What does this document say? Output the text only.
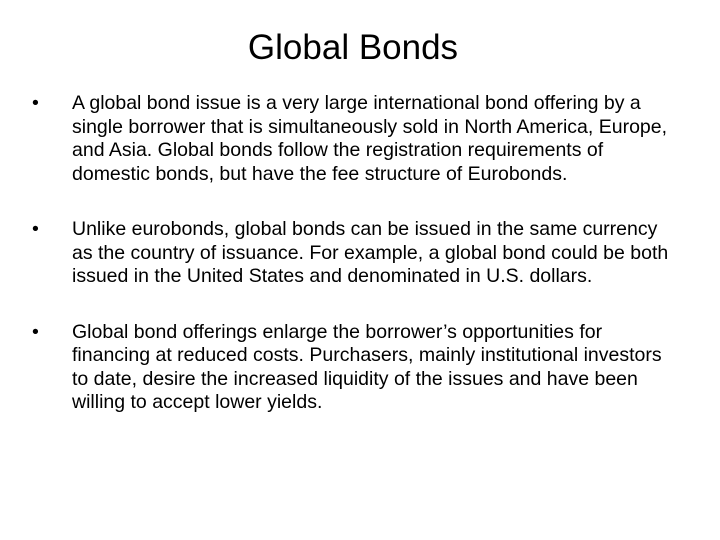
Global Bonds
•	A global bond issue is a very large international bond offering by a single borrower that is simultaneously sold in North America, Europe, and Asia. Global bonds follow the registration requirements of domestic bonds, but have the fee structure of Eurobonds.
•	Unlike eurobonds, global bonds can be issued in the same currency as the country of issuance. For example, a global bond could be both issued in the United States and denominated in U.S. dollars.
•	Global bond offerings enlarge the borrower’s opportunities for financing at reduced costs. Purchasers, mainly institutional investors to date, desire the increased liquidity of the issues and have been willing to accept lower yields.
